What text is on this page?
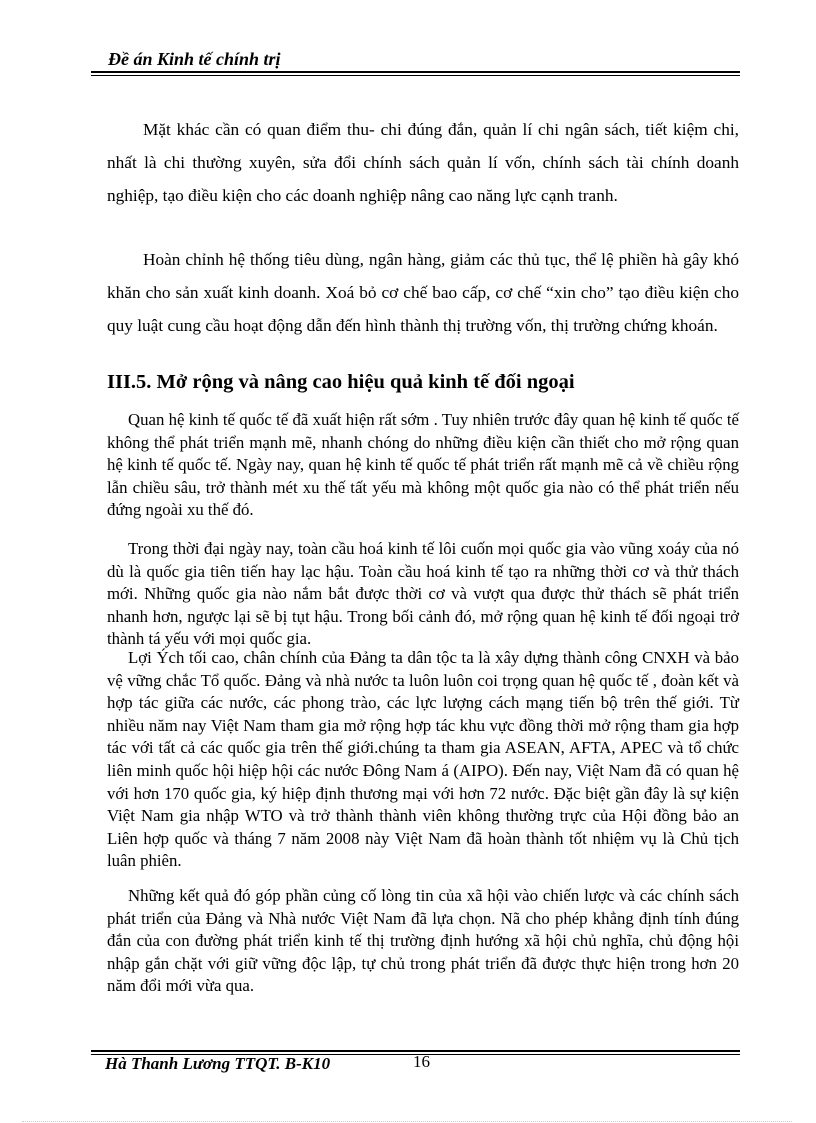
Đề án Kinh tế chính trị

Mặt khác cần có quan điểm thu- chi đúng đắn, quản lí chi ngân sách, tiết kiệm chi, nhất là chi thường xuyên, sửa đổi chính sách quản lí vốn, chính sách tài chính doanh nghiệp, tạo điều kiện cho các doanh nghiệp nâng cao năng lực cạnh tranh.

Hoàn chỉnh hệ thống tiêu dùng, ngân hàng, giảm các thủ tục, thể lệ phiền hà gây khó khăn cho sản xuất kinh doanh. Xoá bỏ cơ chế bao cấp, cơ chế “xin cho” tạo điều kiện cho quy luật cung cầu hoạt động dẫn đến hình thành thị trường vốn, thị trường chứng khoán.

III.5. Mở rộng và nâng cao hiệu quả kinh tế đối ngoại

Quan hệ kinh tế quốc tế đã xuất hiện rất sớm . Tuy nhiên trước đây quan hệ kinh tế quốc tế không thể phát triển mạnh mẽ, nhanh chóng do những điều kiện cần thiết cho mở rộng quan hệ kinh tế quốc tế. Ngày nay, quan hệ kinh tế quốc tế phát triển rất mạnh mẽ cả về chiều rộng lẫn chiều sâu, trở thành mét xu thế tất yếu mà không một quốc gia nào có thể phát triển nếu đứng ngoài xu thế đó.

Trong thời đại ngày nay, toàn cầu hoá kinh tế lôi cuốn mọi quốc gia vào vũng xoáy của nó dù là quốc gia tiên tiến hay lạc hậu. Toàn cầu hoá kinh tế tạo ra những thời cơ và thử thách mới. Những quốc gia nào nắm bắt được thời cơ và vượt qua được thử thách sẽ phát triển nhanh hơn, ngược lại sẽ bị tụt hậu. Trong bối cảnh đó, mở rộng quan hệ kinh tế đối ngoại trở thành tá yếu với mọi quốc gia.

Lợi Ých tối cao, chân chính của Đảng ta dân tộc ta là xây dựng thành công CNXH và bảo vệ vững chắc Tổ quốc. Đảng và nhà nước ta luôn luôn coi trọng quan hệ quốc tế , đoàn kết và hợp tác giữa các nước, các phong trào, các lực lượng cách mạng tiến bộ trên thế giới. Từ nhiều năm nay Việt Nam tham gia mở rộng hợp tác khu vực đồng thời mở rộng tham gia hợp tác với tất cả các quốc gia trên thế giới.chúng ta tham gia ASEAN, AFTA, APEC và tổ chức liên minh quốc hội hiệp hội các nước Đông Nam á (AIPO). Đến nay, Việt Nam đã có quan hệ với hơn 170 quốc gia, ký hiệp định thương mại với hơn 72 nước. Đặc biệt gần đây là sự kiện Việt Nam gia nhập WTO và trở thành thành viên không thường trực của Hội đồng bảo an Liên hợp quốc và tháng 7 năm 2008 này Việt Nam đã hoàn thành tốt nhiệm vụ là Chủ tịch luân phiên.

Những kết quả đó góp phần củng cố lòng tin của xã hội vào chiến lược và các chính sách phát triển của Đảng và Nhà nước Việt Nam đã lựa chọn. Nã cho phép khẳng định tính đúng đắn của con đường phát triển kinh tế thị trường định hướng xã hội chủ nghĩa, chủ động hội nhập gắn chặt với giữ vững độc lập, tự chủ trong phát triển đã được thực hiện trong hơn 20 năm đổi mới vừa qua.

Hà Thanh Lương TTQT. B-K10	16
